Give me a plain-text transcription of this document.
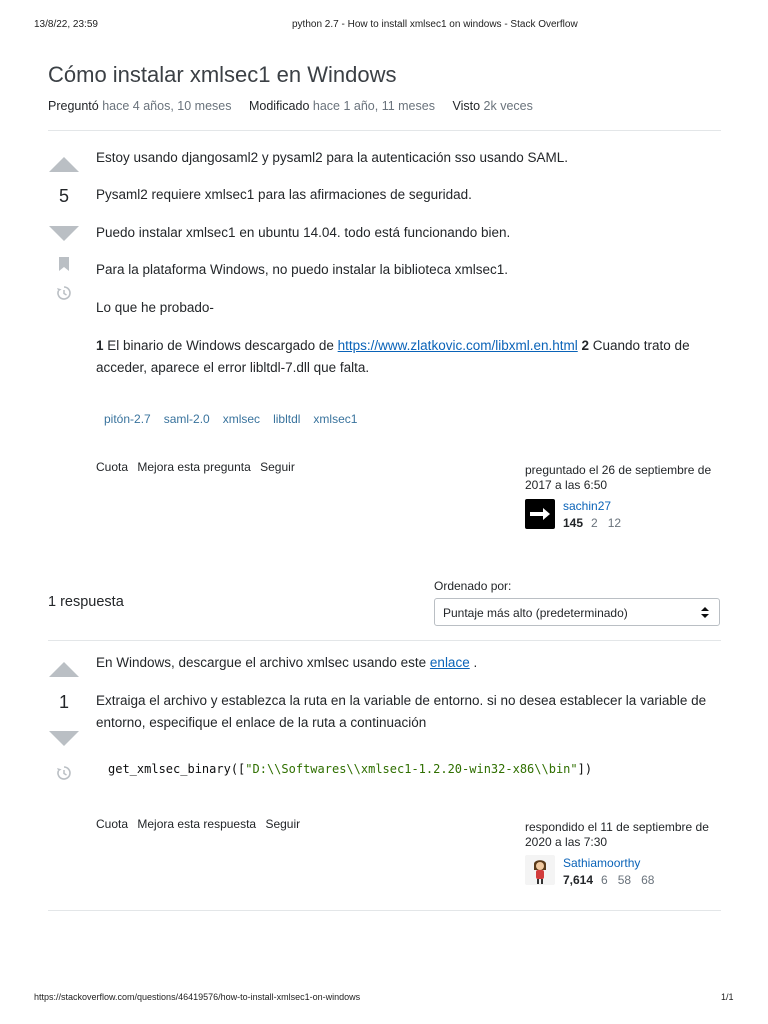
13/8/22, 23:59	python 2.7 - How to install xmlsec1 on windows - Stack Overflow
Cómo instalar xmlsec1 en Windows
Preguntó hace 4 años, 10 meses Modificado hace 1 año, 11 meses Visto 2k veces
5

Estoy usando djangosaml2 y pysaml2 para la autenticación sso usando SAML.

Pysaml2 requiere xmlsec1 para las afirmaciones de seguridad.

Puedo instalar xmlsec1 en ubuntu 14.04. todo está funcionando bien.

Para la plataforma Windows, no puedo instalar la biblioteca xmlsec1.

Lo que he probado-

1 El binario de Windows descargado de https://www.zlatkovic.com/libxml.en.html 2 Cuando trato de acceder, aparece el error libltdl-7.dll que falta.

pitón-2.7 saml-2.0 xmlsec libltdl xmlsec1
Cuota Mejora esta pregunta Seguir	preguntado el 26 de septiembre de 2017 a las 6:50
sachin27
145 2 12
Ordenado por:
1 respuesta
Puntaje más alto (predeterminado)
1

En Windows, descargue el archivo xmlsec usando este enlace .

Extraiga el archivo y establezca la ruta en la variable de entorno. si no desea establecer la variable de entorno, especifique el enlace de la ruta a continuación

get_xmlsec_binary(["D:\\Softwares\\xmlsec1-1.2.20-win32-x86\\bin"])
Cuota Mejora esta respuesta Seguir	respondido el 11 de septiembre de 2020 a las 7:30
Sathiamoorthy
7,614 6 58 68
https://stackoverflow.com/questions/46419576/how-to-install-xmlsec1-on-windows	1/1
